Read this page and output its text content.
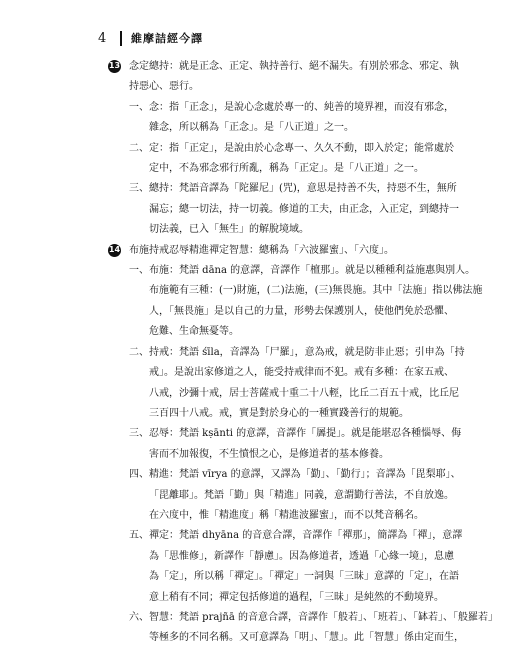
4	維摩詰經今譯
13 念定總持：就是正念、正定、執持善行、絕不漏失。有別於邪念、邪定、執
持惡心、惡行。
一、 念：指「正念」，是說心念處於專一的、純善的境界裡，而沒有邪念，
雜念，所以稱為「正念」。是「八正道」之一。
二、 定：指「正定」，是說由於心念專一、久久不動，即入於定；能常處於
定中，不為邪念邪行所亂，稱為「正定」。是「八正道」之一。
三、 總持：梵語音譯為「陀羅尼」(咒)，意思是持善不失，持惡不生，無所
漏忘；總一切法，持一切義。修道的工夫，由正念，入正定，到總持一
切法義，已入「無生」的解脫境域。
14 布施持戒忍辱精進禪定智慧：總稱為「六波羅蜜」、「六度」。
一、 布施：梵語 dāna 的意譯，音譯作「檀那」。就是以種種利益施惠與別人。
布施範有三種：(一)財施，(二)法施，(三)無畏施。其中「法施」指以佛法施
人，「無畏施」是以自己的力量，形勢去保護別人，使他們免於恐懼、
危難、生命無憂等。
二、 持戒：梵語 śīla，音譯為「尸羅」，意為戒，就是防非止惡；引申為「持
戒」。是說出家修道之人，能受持戒律而不犯。戒有多種：在家五戒、
八戒，沙彌十戒，居士菩薩戒十重二十八輕，比丘二百五十戒，比丘尼
三百四十八戒。戒，實是對於身心的一種實踐善行的規範。
三、 忍辱：梵語 kṣānti 的意譯，音譯作「羼提」。就是能堪忍各種惱辱、侮
害而不加報復，不生憤恨之心，是修道者的基本修養。
四、 精進：梵語 vīrya 的意譯，又譯為「勤」、「勤行」；音譯為「毘梨耶」、
「毘離耶」。梵語「勤」與「精進」同義，意謂勤行善法，不自放逸。
在六度中，惟「精進度」稱「精進波羅蜜」，而不以梵音稱名。
五、 禪定：梵語 dhyāna 的音意合譯，音譯作「禪那」，簡譯為「禪」，意譯
為「思惟修」，新譯作「靜慮」。因為修道者，透過「心緣一境」，息慮
為「定」，所以稱「禪定」。「禪定」一詞與「三昧」意譯的「定」，在語
意上稍有不同；禪定包括修道的過程，「三昧」是純然的不動境界。
六、 智慧：梵語 prajñā 的音意合譯，音譯作「般若」、「班若」、「缽若」、「般羅若」
等極多的不同名稱。又可意譯為「明」、「慧」。此「智慧」係由定而生，
